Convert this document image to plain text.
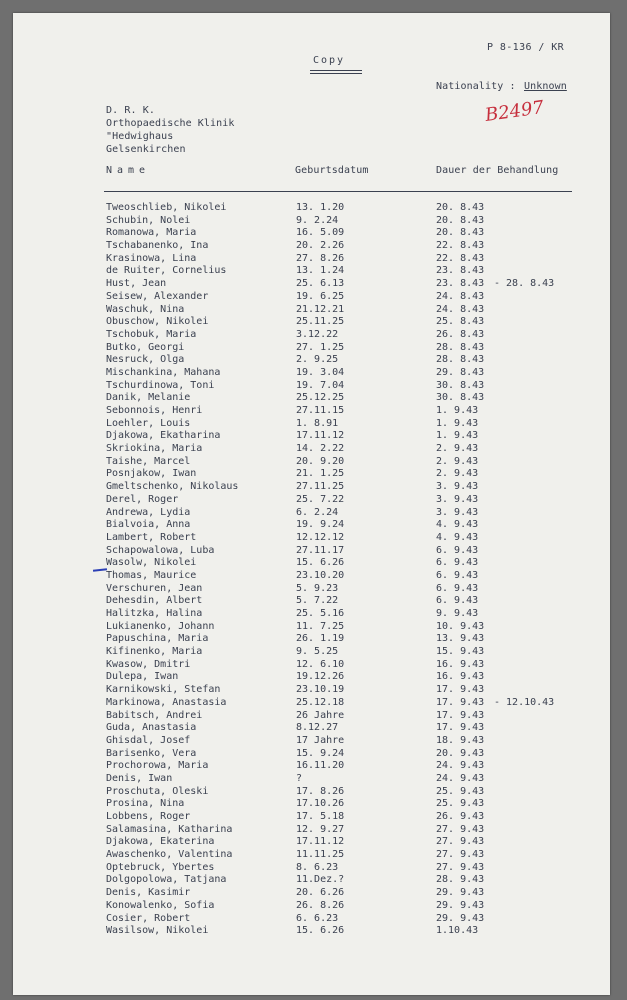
P 8-136 / KR
Copy
Nationality : Unknown
D. R. K.
Orthopaedische Klinik
"Hedwighaus
Gelsenkirchen
B2497
Name	Geburtsdatum	Dauer der Behandlung
Tweoschlieb, Nikolei	13. 1.20	20. 8.43
Schubin, Nolei	9. 2.24	20. 8.43
Romanowa, Maria	16. 5.09	20. 8.43
Tschabanenko, Ina	20. 2.26	22. 8.43
Krasinowa, Lina	27. 8.26	22. 8.43
de Ruiter, Cornelius	13. 1.24	23. 8.43
Hust, Jean	25. 6.13	23. 8.43 - 28. 8.43
Seisew, Alexander	19. 6.25	24. 8.43
Waschuk, Nina	21.12.21	24. 8.43
Obuschow, Nikolei	25.11.25	25. 8.43
Tschobuk, Maria	3.12.22	26. 8.43
Butko, Georgi	27. 1.25	28. 8.43
Nesruck, Olga	2. 9.25	28. 8.43
Mischankina, Mahana	19. 3.04	29. 8.43
Tschurdinowa, Toni	19. 7.04	30. 8.43
Danik, Melanie	25.12.25	30. 8.43
Sebonnois, Henri	27.11.15	1. 9.43
Loehler, Louis	1. 8.91	1. 9.43
Djakowa, Ekatharina	17.11.12	1. 9.43
Skriokina, Maria	14. 2.22	2. 9.43
Taishe, Marcel	20. 9.20	2. 9.43
Posnjakow, Iwan	21. 1.25	2. 9.43
Gmeltschenko, Nikolaus	27.11.25	3. 9.43
Derel, Roger	25. 7.22	3. 9.43
Andrewa, Lydia	6. 2.24	3. 9.43
Bialvoia, Anna	19. 9.24	4. 9.43
Lambert, Robert	12.12.12	4. 9.43
Schapowalowa, Luba	27.11.17	6. 9.43
Wasolw, Nikolei	15. 6.26	6. 9.43
Thomas, Maurice	23.10.20	6. 9.43
Verschuren, Jean	5. 9.23	6. 9.43
Dehesdin, Albert	5. 7.22	6. 9.43
Halitzka, Halina	25. 5.16	9. 9.43
Lukianenko, Johann	11. 7.25	10. 9.43
Papuschina, Maria	26. 1.19	13. 9.43
Kifinenko, Maria	9. 5.25	15. 9.43
Kwasow, Dmitri	12. 6.10	16. 9.43
Dulepa, Iwan	19.12.26	16. 9.43
Karnikowski, Stefan	23.10.19	17. 9.43
Markinowa, Anastasia	25.12.18	17. 9.43 - 12.10.43
Babitsch, Andrei	26 Jahre	17. 9.43
Guda, Anastasia	8.12.27	17. 9.43
Ghisdal, Josef	17 Jahre	18. 9.43
Barisenko, Vera	15. 9.24	20. 9.43
Prochorowa, Maria	16.11.20	24. 9.43
Denis, Iwan	?	24. 9.43
Proschuta, Oleski	17. 8.26	25. 9.43
Prosina, Nina	17.10.26	25. 9.43
Lobbens, Roger	17. 5.18	26. 9.43
Salamasina, Katharina	12. 9.27	27. 9.43
Djakowa, Ekaterina	17.11.12	27. 9.43
Awaschenko, Valentina	11.11.25	27. 9.43
Optebruck, Ybertes	8. 6.23	27. 9.43
Dolgopolowa, Tatjana	11.Dez.?	28. 9.43
Denis, Kasimir	20. 6.26	29. 9.43
Konowalenko, Sofia	26. 8.26	29. 9.43
Cosier, Robert	6. 6.23	29. 9.43
Wasilsow, Nikolei	15. 6.26	1.10.43
